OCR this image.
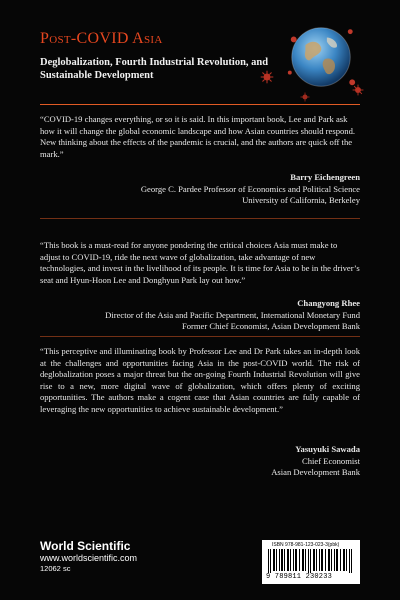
Post-COVID Asia

Deglobalization, Fourth Industrial Revolution, and Sustainable Development

“COVID-19 changes everything, or so it is said. In this important book, Lee and Park ask how it will change the global economic landscape and how Asian countries should respond. New thinking about the effects of the pandemic is crucial, and the authors are quick off the mark.”

Barry Eichengreen
George C. Pardee Professor of Economics and Political Science
University of California, Berkeley

“This book is a must-read for anyone pondering the critical choices Asia must make to adjust to COVID-19, ride the next wave of globalization, take advantage of new technologies, and invest in the livelihood of its people. It is time for Asia to be in the driver’s seat and Hyun-Hoon Lee and Donghyun Park lay out how.”

Changyong Rhee
Director of the Asia and Pacific Department, International Monetary Fund
Former Chief Economist, Asian Development Bank

“This perceptive and illuminating book by Professor Lee and Dr Park takes an in-depth look at the challenges and opportunities facing Asia in the post-COVID world. The risk of deglobalization poses a major threat but the on-going Fourth Industrial Revolution will give rise to a new, more digital wave of globalization, which offers plenty of exciting opportunities. The authors make a cogent case that Asian countries are fully capable of leveraging the new opportunities to achieve sustainable development.”

Yasuyuki Sawada
Chief Economist
Asian Development Bank
World Scientific
www.worldscientific.com
12062 sc
ISBN 978-981-123-023-3(pbk)
9 789811 230233
